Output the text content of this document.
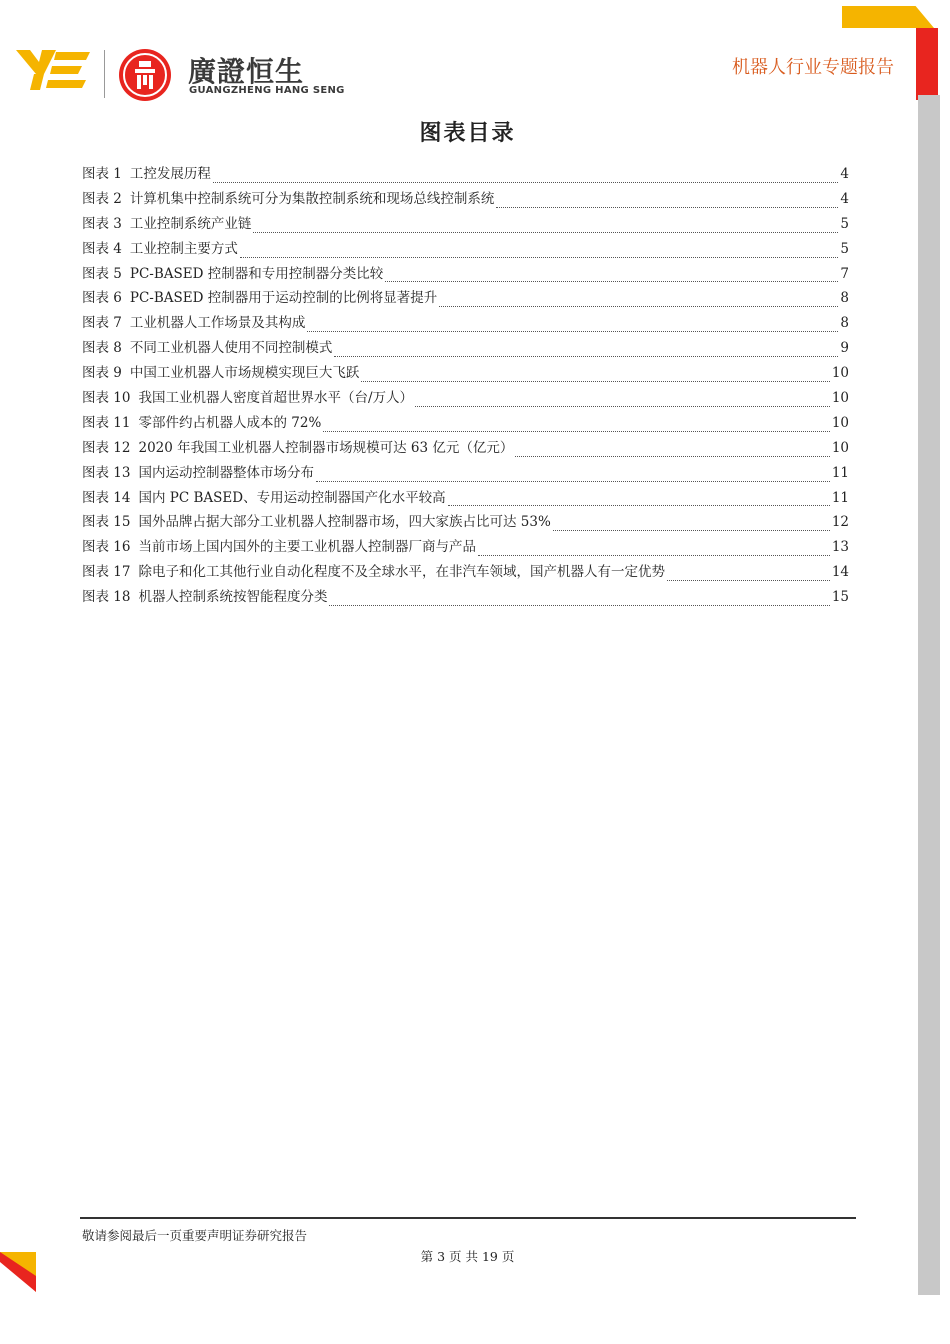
廣證恒生
GUANGZHENG HANG SENG
机器人行业专题报告
图表目录
图表 1 工控发展历程	4
图表 2 计算机集中控制系统可分为集散控制系统和现场总线控制系统	4
图表 3 工业控制系统产业链	5
图表 4 工业控制主要方式	5
图表 5 PC-BASED 控制器和专用控制器分类比较	7
图表 6 PC-BASED 控制器用于运动控制的比例将显著提升	8
图表 7 工业机器人工作场景及其构成	8
图表 8 不同工业机器人使用不同控制模式	9
图表 9 中国工业机器人市场规模实现巨大飞跃	10
图表 10 我国工业机器人密度首超世界水平（台/万人）	10
图表 11 零部件约占机器人成本的 72%	10
图表 12 2020 年我国工业机器人控制器市场规模可达 63 亿元（亿元）	10
图表 13 国内运动控制器整体市场分布	11
图表 14 国内 PC BASED、专用运动控制器国产化水平较高	11
图表 15 国外品牌占据大部分工业机器人控制器市场，四大家族占比可达 53%	12
图表 16 当前市场上国内国外的主要工业机器人控制器厂商与产品	13
图表 17 除电子和化工其他行业自动化程度不及全球水平，在非汽车领域，国产机器人有一定优势	14
图表 18 机器人控制系统按智能程度分类	15
敬请参阅最后一页重要声明证券研究报告
第 3 页 共 19 页
